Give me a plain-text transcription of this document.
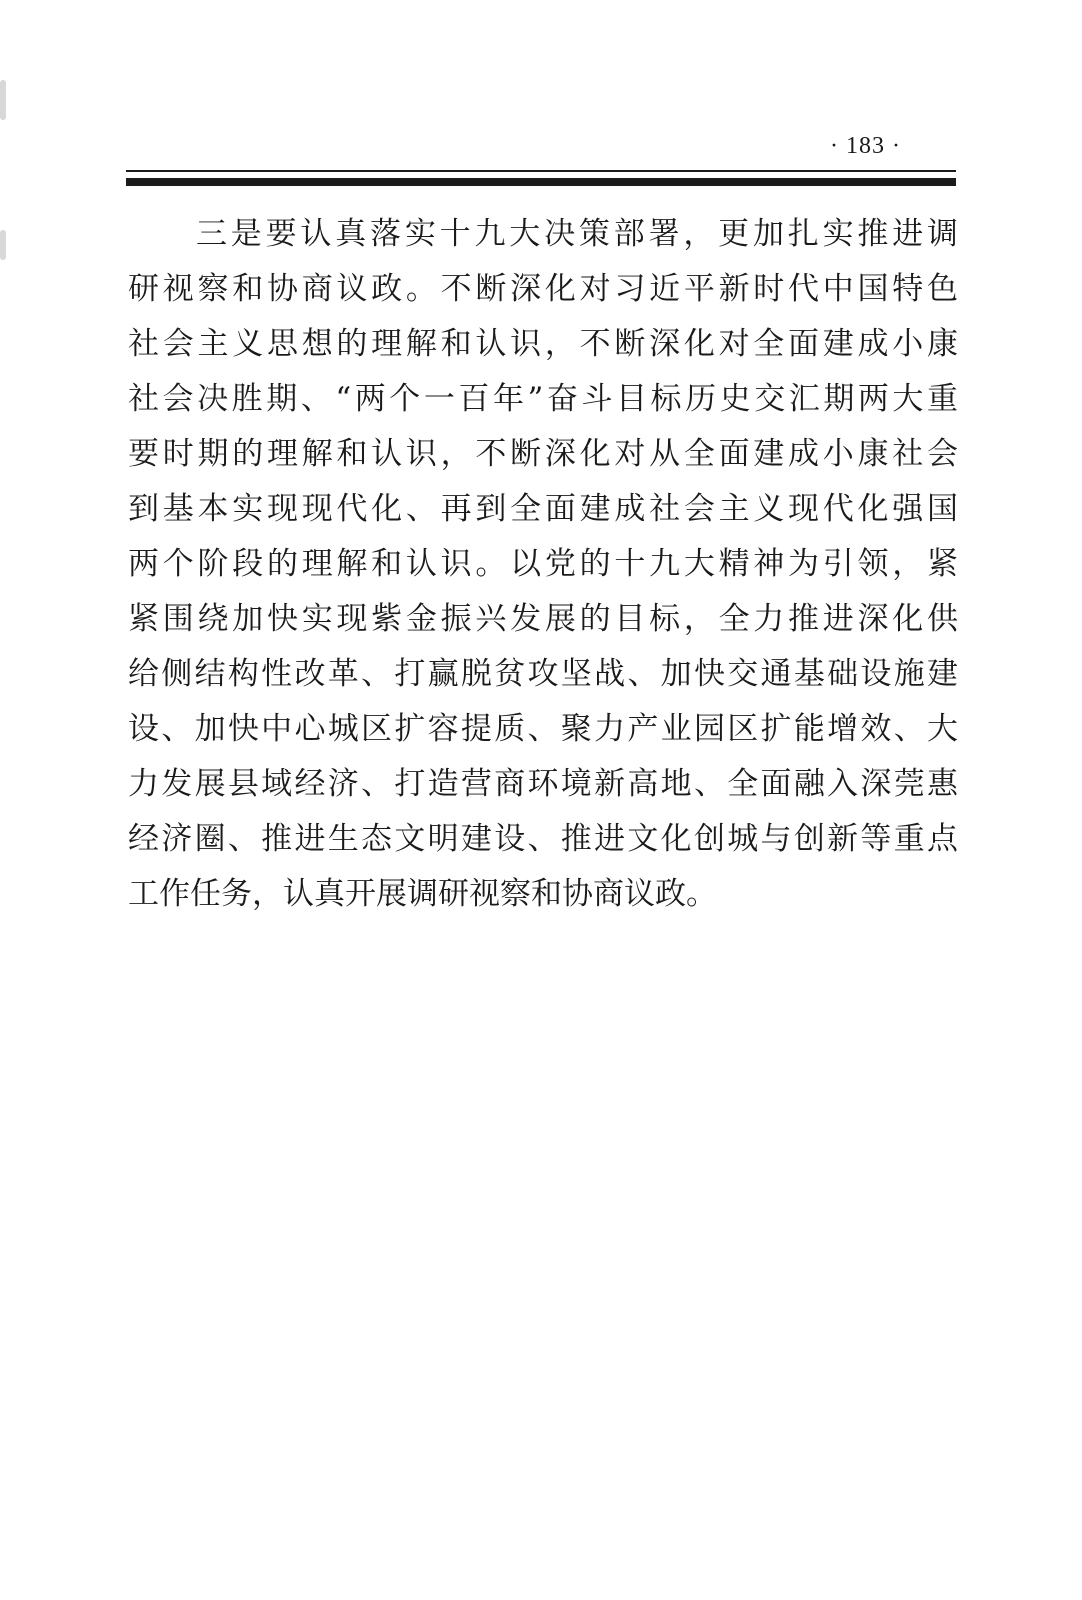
· 183 ·
三是要认真落实十九大决策部署，更加扎实推进调
研视察和协商议政。不断深化对习近平新时代中国特色
社会主义思想的理解和认识，不断深化对全面建成小康
社会决胜期、“两个一百年”奋斗目标历史交汇期两大重
要时期的理解和认识，不断深化对从全面建成小康社会
到基本实现现代化、再到全面建成社会主义现代化强国
两个阶段的理解和认识。以党的十九大精神为引领，紧
紧围绕加快实现紫金振兴发展的目标，全力推进深化供
给侧结构性改革、打赢脱贫攻坚战、加快交通基础设施建
设、加快中心城区扩容提质、聚力产业园区扩能增效、大
力发展县域经济、打造营商环境新高地、全面融入深莞惠
经济圈、推进生态文明建设、推进文化创城与创新等重点
工作任务，认真开展调研视察和协商议政。
